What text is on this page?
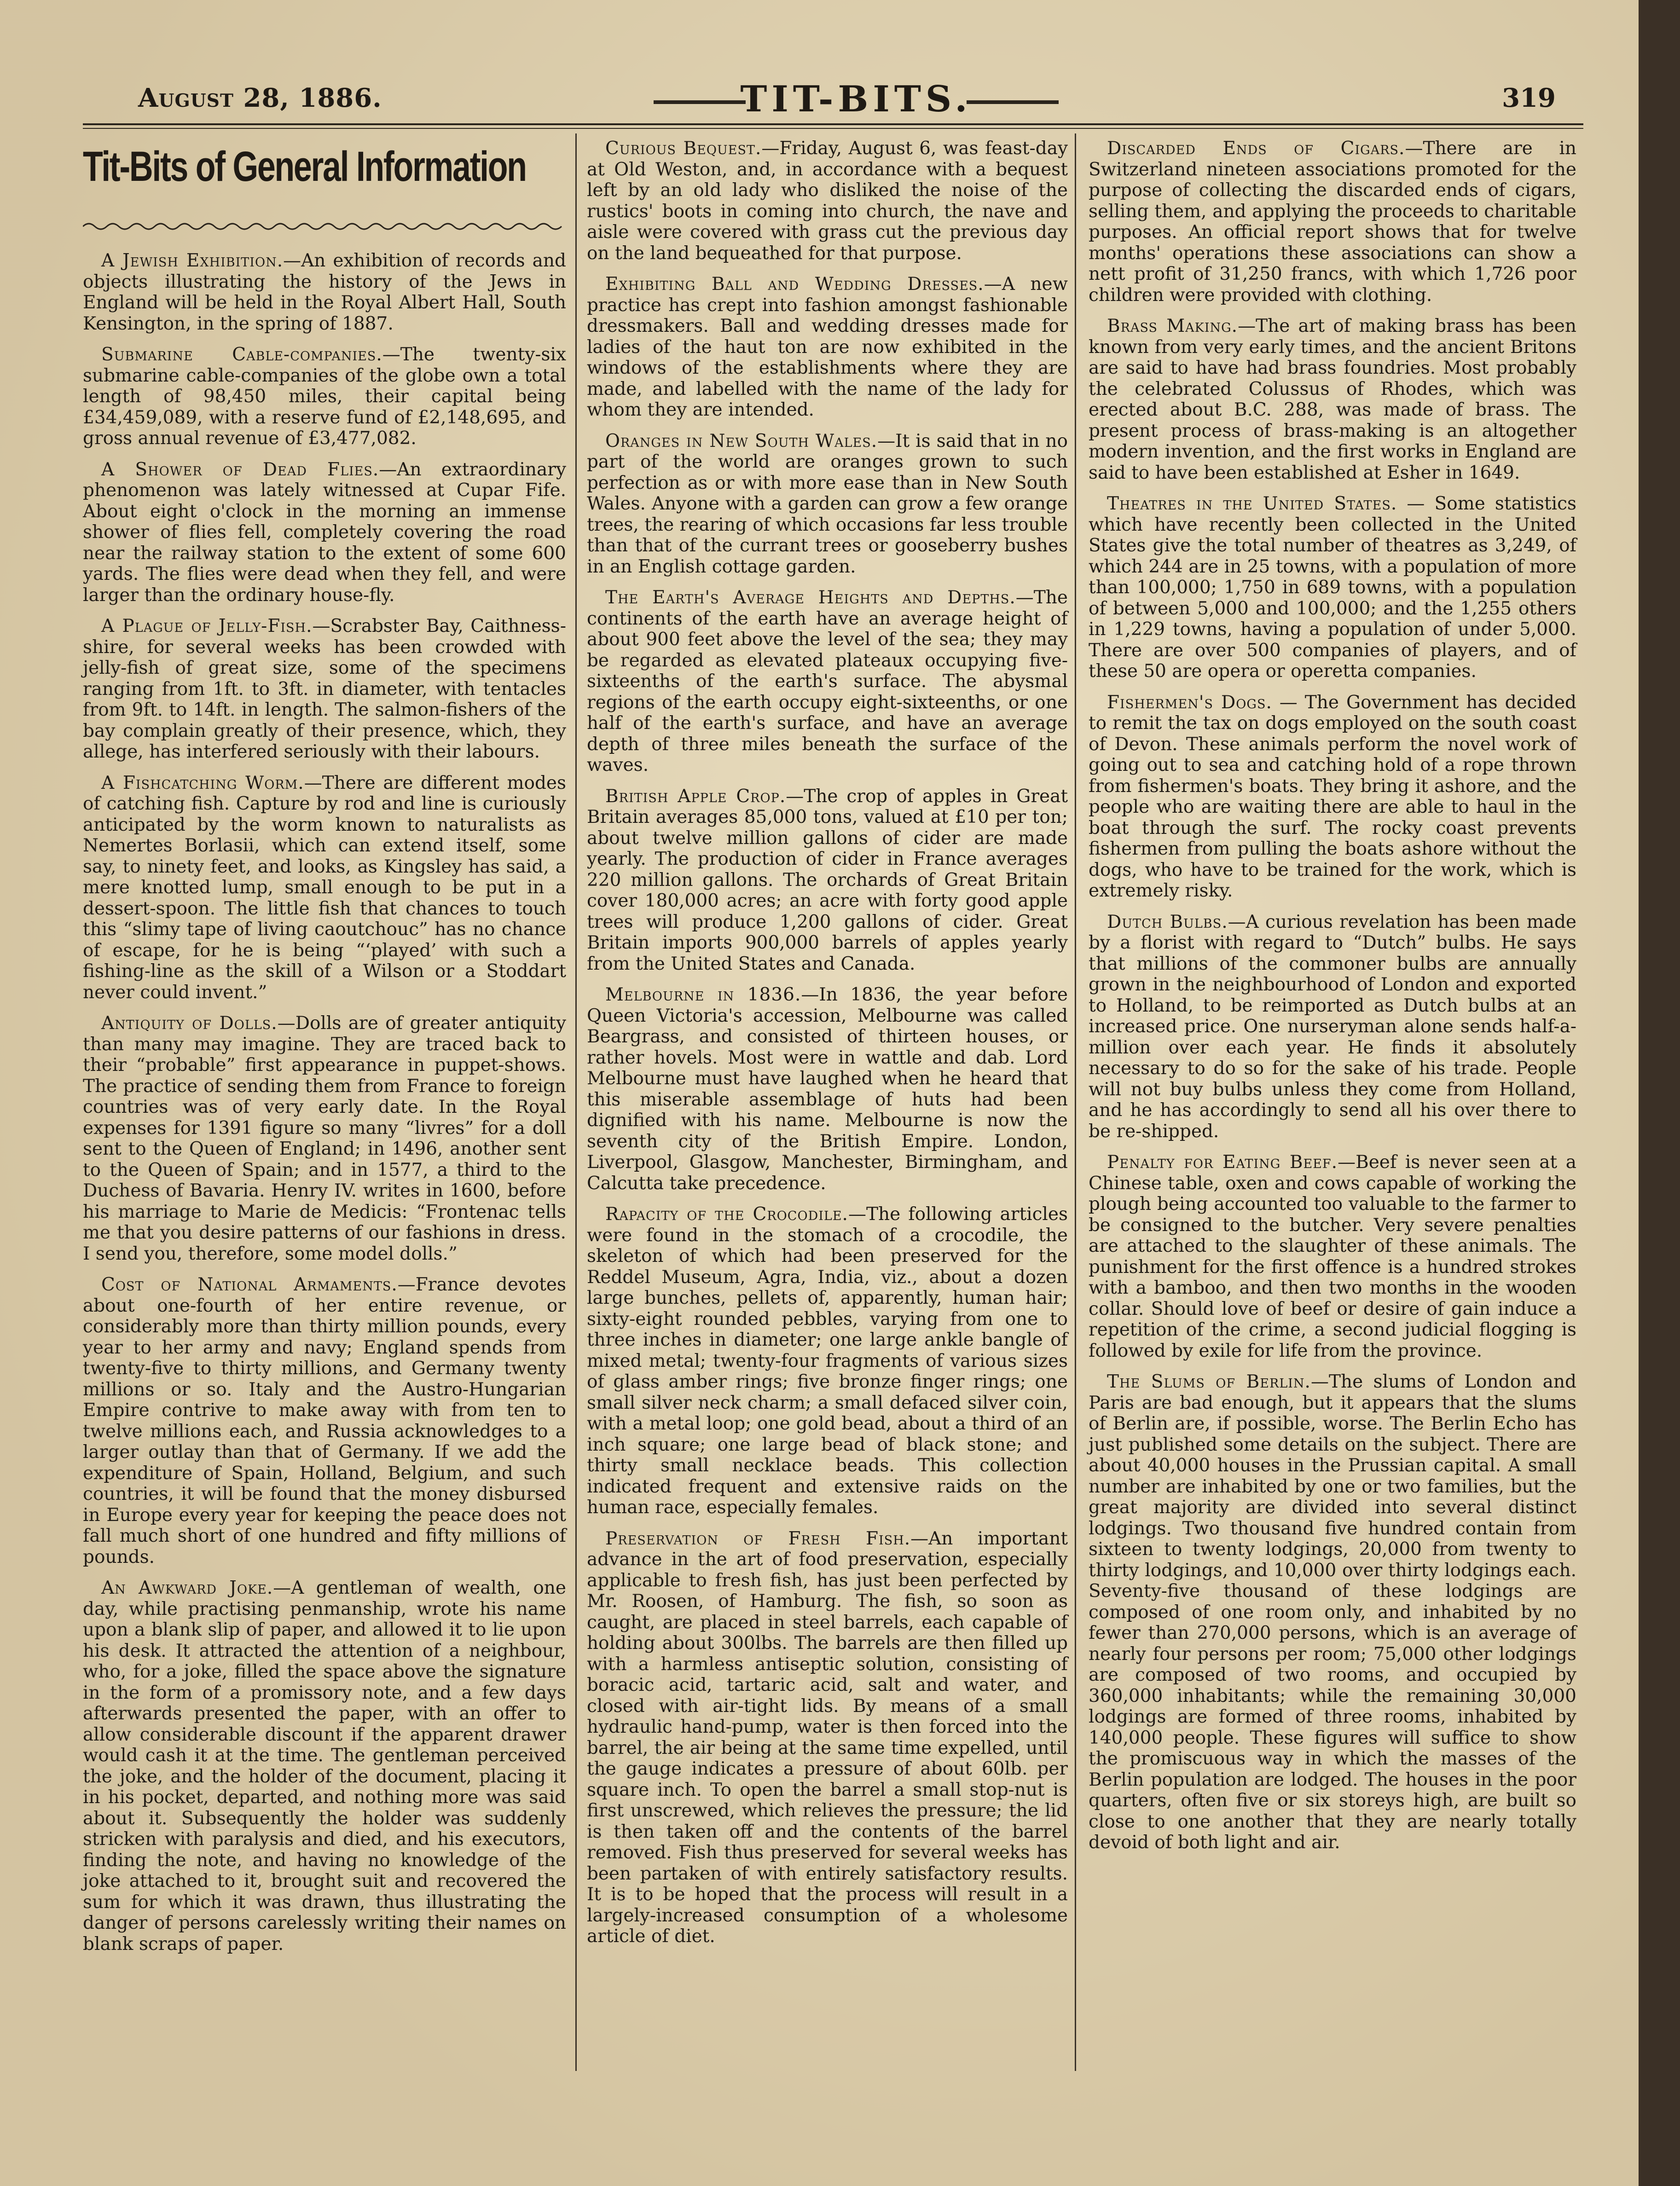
August 28, 1886.	TIT-BITS.	319
Tit-Bits of General Information

A Jewish Exhibition.—An exhibition of records and objects illustrating the history of the Jews in England will be held in the Royal Albert Hall, South Kensington, in the spring of 1887.

Submarine Cable-companies.—The twenty-six submarine cable-companies of the globe own a total length of 98,450 miles, their capital being £34,459,089, with a reserve fund of £2,148,695, and gross annual revenue of £3,477,082.

A Shower of Dead Flies.—An extraordinary phenomenon was lately witnessed at Cupar Fife. About eight o'clock in the morning an immense shower of flies fell, completely covering the road near the railway station to the extent of some 600 yards. The flies were dead when they fell, and were larger than the ordinary house-fly.

A Plague of Jelly-Fish.—Scrabster Bay, Caithness-shire, for several weeks has been crowded with jelly-fish of great size, some of the specimens ranging from 1ft. to 3ft. in diameter, with tentacles from 9ft. to 14ft. in length. The salmon-fishers of the bay complain greatly of their presence, which, they allege, has interfered seriously with their labours.

A Fishcatching Worm.—There are different modes of catching fish. Capture by rod and line is curiously anticipated by the worm known to naturalists as Nemertes Borlasii, which can extend itself, some say, to ninety feet, and looks, as Kingsley has said, a mere knotted lump, small enough to be put in a dessert-spoon. The little fish that chances to touch this “slimy tape of living caoutchouc” has no chance of escape, for he is being “‘played’ with such a fishing-line as the skill of a Wilson or a Stoddart never could invent.”

Antiquity of Dolls.—Dolls are of greater antiquity than many may imagine. They are traced back to their “probable” first appearance in puppet-shows. The practice of sending them from France to foreign countries was of very early date. In the Royal expenses for 1391 figure so many “livres” for a doll sent to the Queen of England; in 1496, another sent to the Queen of Spain; and in 1577, a third to the Duchess of Bavaria. Henry IV. writes in 1600, before his marriage to Marie de Medicis: “Frontenac tells me that you desire patterns of our fashions in dress. I send you, therefore, some model dolls.”

Cost of National Armaments.—France devotes about one-fourth of her entire revenue, or considerably more than thirty million pounds, every year to her army and navy; England spends from twenty-five to thirty millions, and Germany twenty millions or so. Italy and the Austro-Hungarian Empire contrive to make away with from ten to twelve millions each, and Russia acknowledges to a larger outlay than that of Germany. If we add the expenditure of Spain, Holland, Belgium, and such countries, it will be found that the money disbursed in Europe every year for keeping the peace does not fall much short of one hundred and fifty millions of pounds.

An Awkward Joke.—A gentleman of wealth, one day, while practising penmanship, wrote his name upon a blank slip of paper, and allowed it to lie upon his desk. It attracted the attention of a neighbour, who, for a joke, filled the space above the signature in the form of a promissory note, and a few days afterwards presented the paper, with an offer to allow considerable discount if the apparent drawer would cash it at the time. The gentleman perceived the joke, and the holder of the document, placing it in his pocket, departed, and nothing more was said about it. Subsequently the holder was suddenly stricken with paralysis and died, and his executors, finding the note, and having no knowledge of the joke attached to it, brought suit and recovered the sum for which it was drawn, thus illustrating the danger of persons carelessly writing their names on blank scraps of paper.

Curious Bequest.—Friday, August 6, was feast-day at Old Weston, and, in accordance with a bequest left by an old lady who disliked the noise of the rustics' boots in coming into church, the nave and aisle were covered with grass cut the previous day on the land bequeathed for that purpose.

Exhibiting Ball and Wedding Dresses.—A new practice has crept into fashion amongst fashionable dressmakers. Ball and wedding dresses made for ladies of the haut ton are now exhibited in the windows of the establishments where they are made, and labelled with the name of the lady for whom they are intended.

Oranges in New South Wales.—It is said that in no part of the world are oranges grown to such perfection as or with more ease than in New South Wales. Anyone with a garden can grow a few orange trees, the rearing of which occasions far less trouble than that of the currant trees or gooseberry bushes in an English cottage garden.

The Earth's Average Heights and Depths.—The continents of the earth have an average height of about 900 feet above the level of the sea; they may be regarded as elevated plateaux occupying five-sixteenths of the earth's surface. The abysmal regions of the earth occupy eight-sixteenths, or one half of the earth's surface, and have an average depth of three miles beneath the surface of the waves.

British Apple Crop.—The crop of apples in Great Britain averages 85,000 tons, valued at £10 per ton; about twelve million gallons of cider are made yearly. The production of cider in France averages 220 million gallons. The orchards of Great Britain cover 180,000 acres; an acre with forty good apple trees will produce 1,200 gallons of cider. Great Britain imports 900,000 barrels of apples yearly from the United States and Canada.

Melbourne in 1836.—In 1836, the year before Queen Victoria's accession, Melbourne was called Beargrass, and consisted of thirteen houses, or rather hovels. Most were in wattle and dab. Lord Melbourne must have laughed when he heard that this miserable assemblage of huts had been dignified with his name. Melbourne is now the seventh city of the British Empire. London, Liverpool, Glasgow, Manchester, Birmingham, and Calcutta take precedence.

Rapacity of the Crocodile.—The following articles were found in the stomach of a crocodile, the skeleton of which had been preserved for the Reddel Museum, Agra, India, viz., about a dozen large bunches, pellets of, apparently, human hair; sixty-eight rounded pebbles, varying from one to three inches in diameter; one large ankle bangle of mixed metal; twenty-four fragments of various sizes of glass amber rings; five bronze finger rings; one small silver neck charm; a small defaced silver coin, with a metal loop; one gold bead, about a third of an inch square; one large bead of black stone; and thirty small necklace beads. This collection indicated frequent and extensive raids on the human race, especially females.

Preservation of Fresh Fish.—An important advance in the art of food preservation, especially applicable to fresh fish, has just been perfected by Mr. Roosen, of Hamburg. The fish, so soon as caught, are placed in steel barrels, each capable of holding about 300lbs. The barrels are then filled up with a harmless antiseptic solution, consisting of boracic acid, tartaric acid, salt and water, and closed with air-tight lids. By means of a small hydraulic hand-pump, water is then forced into the barrel, the air being at the same time expelled, until the gauge indicates a pressure of about 60lb. per square inch. To open the barrel a small stop-nut is first unscrewed, which relieves the pressure; the lid is then taken off and the contents of the barrel removed. Fish thus preserved for several weeks has been partaken of with entirely satisfactory results. It is to be hoped that the process will result in a largely-increased consumption of a wholesome article of diet.

Discarded Ends of Cigars.—There are in Switzerland nineteen associations promoted for the purpose of collecting the discarded ends of cigars, selling them, and applying the proceeds to charitable purposes. An official report shows that for twelve months' operations these associations can show a nett profit of 31,250 francs, with which 1,726 poor children were provided with clothing.

Brass Making.—The art of making brass has been known from very early times, and the ancient Britons are said to have had brass foundries. Most probably the celebrated Colussus of Rhodes, which was erected about B.C. 288, was made of brass. The present process of brass-making is an altogether modern invention, and the first works in England are said to have been established at Esher in 1649.

Theatres in the United States. — Some statistics which have recently been collected in the United States give the total number of theatres as 3,249, of which 244 are in 25 towns, with a population of more than 100,000; 1,750 in 689 towns, with a population of between 5,000 and 100,000; and the 1,255 others in 1,229 towns, having a population of under 5,000. There are over 500 companies of players, and of these 50 are opera or operetta companies.

Fishermen's Dogs. — The Government has decided to remit the tax on dogs employed on the south coast of Devon. These animals perform the novel work of going out to sea and catching hold of a rope thrown from fishermen's boats. They bring it ashore, and the people who are waiting there are able to haul in the boat through the surf. The rocky coast prevents fishermen from pulling the boats ashore without the dogs, who have to be trained for the work, which is extremely risky.

Dutch Bulbs.—A curious revelation has been made by a florist with regard to “Dutch” bulbs. He says that millions of the commoner bulbs are annually grown in the neighbourhood of London and exported to Holland, to be reimported as Dutch bulbs at an increased price. One nurseryman alone sends half-a-million over each year. He finds it absolutely necessary to do so for the sake of his trade. People will not buy bulbs unless they come from Holland, and he has accordingly to send all his over there to be re-shipped.

Penalty for Eating Beef.—Beef is never seen at a Chinese table, oxen and cows capable of working the plough being accounted too valuable to the farmer to be consigned to the butcher. Very severe penalties are attached to the slaughter of these animals. The punishment for the first offence is a hundred strokes with a bamboo, and then two months in the wooden collar. Should love of beef or desire of gain induce a repetition of the crime, a second judicial flogging is followed by exile for life from the province.

The Slums of Berlin.—The slums of London and Paris are bad enough, but it appears that the slums of Berlin are, if possible, worse. The Berlin Echo has just published some details on the subject. There are about 40,000 houses in the Prussian capital. A small number are inhabited by one or two families, but the great majority are divided into several distinct lodgings. Two thousand five hundred contain from sixteen to twenty lodgings, 20,000 from twenty to thirty lodgings, and 10,000 over thirty lodgings each. Seventy-five thousand of these lodgings are composed of one room only, and inhabited by no fewer than 270,000 persons, which is an average of nearly four persons per room; 75,000 other lodgings are composed of two rooms, and occupied by 360,000 inhabitants; while the remaining 30,000 lodgings are formed of three rooms, inhabited by 140,000 people. These figures will suffice to show the promiscuous way in which the masses of the Berlin population are lodged. The houses in the poor quarters, often five or six storeys high, are built so close to one another that they are nearly totally devoid of both light and air.
